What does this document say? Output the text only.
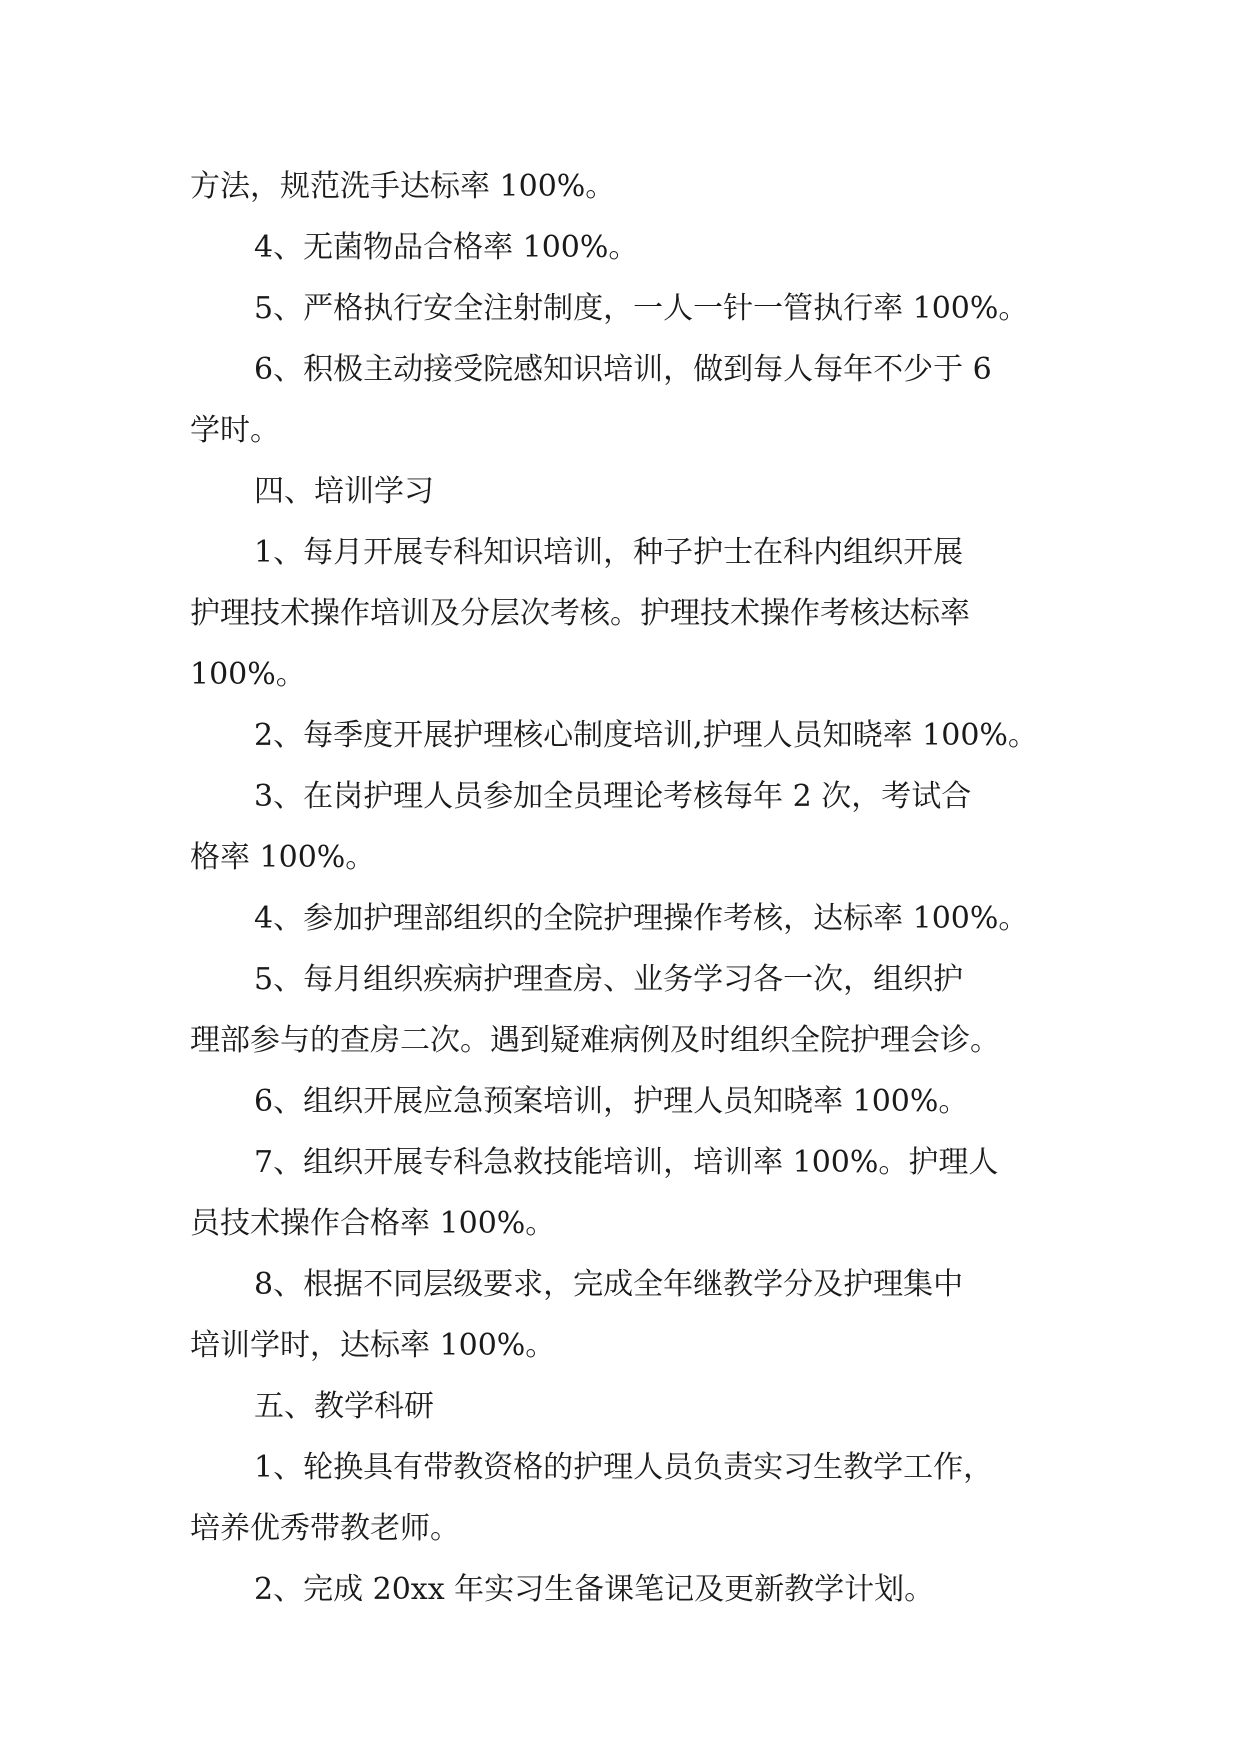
方法，规范洗手达标率 100%。
4、无菌物品合格率 100%。
5、严格执行安全注射制度，一人一针一管执行率 100%。
6、积极主动接受院感知识培训，做到每人每年不少于 6
学时。
四、培训学习
1、每月开展专科知识培训，种子护士在科内组织开展
护理技术操作培训及分层次考核。护理技术操作考核达标率
100%。
2、每季度开展护理核心制度培训,护理人员知晓率 100%。
3、在岗护理人员参加全员理论考核每年 2 次，考试合
格率 100%。
4、参加护理部组织的全院护理操作考核，达标率 100%。
5、每月组织疾病护理查房、业务学习各一次，组织护
理部参与的查房二次。遇到疑难病例及时组织全院护理会诊。
6、组织开展应急预案培训，护理人员知晓率 100%。
7、组织开展专科急救技能培训，培训率 100%。护理人
员技术操作合格率 100%。
8、根据不同层级要求，完成全年继教学分及护理集中
培训学时，达标率 100%。
五、教学科研
1、轮换具有带教资格的护理人员负责实习生教学工作，
培养优秀带教老师。
2、完成 20xx 年实习生备课笔记及更新教学计划。
